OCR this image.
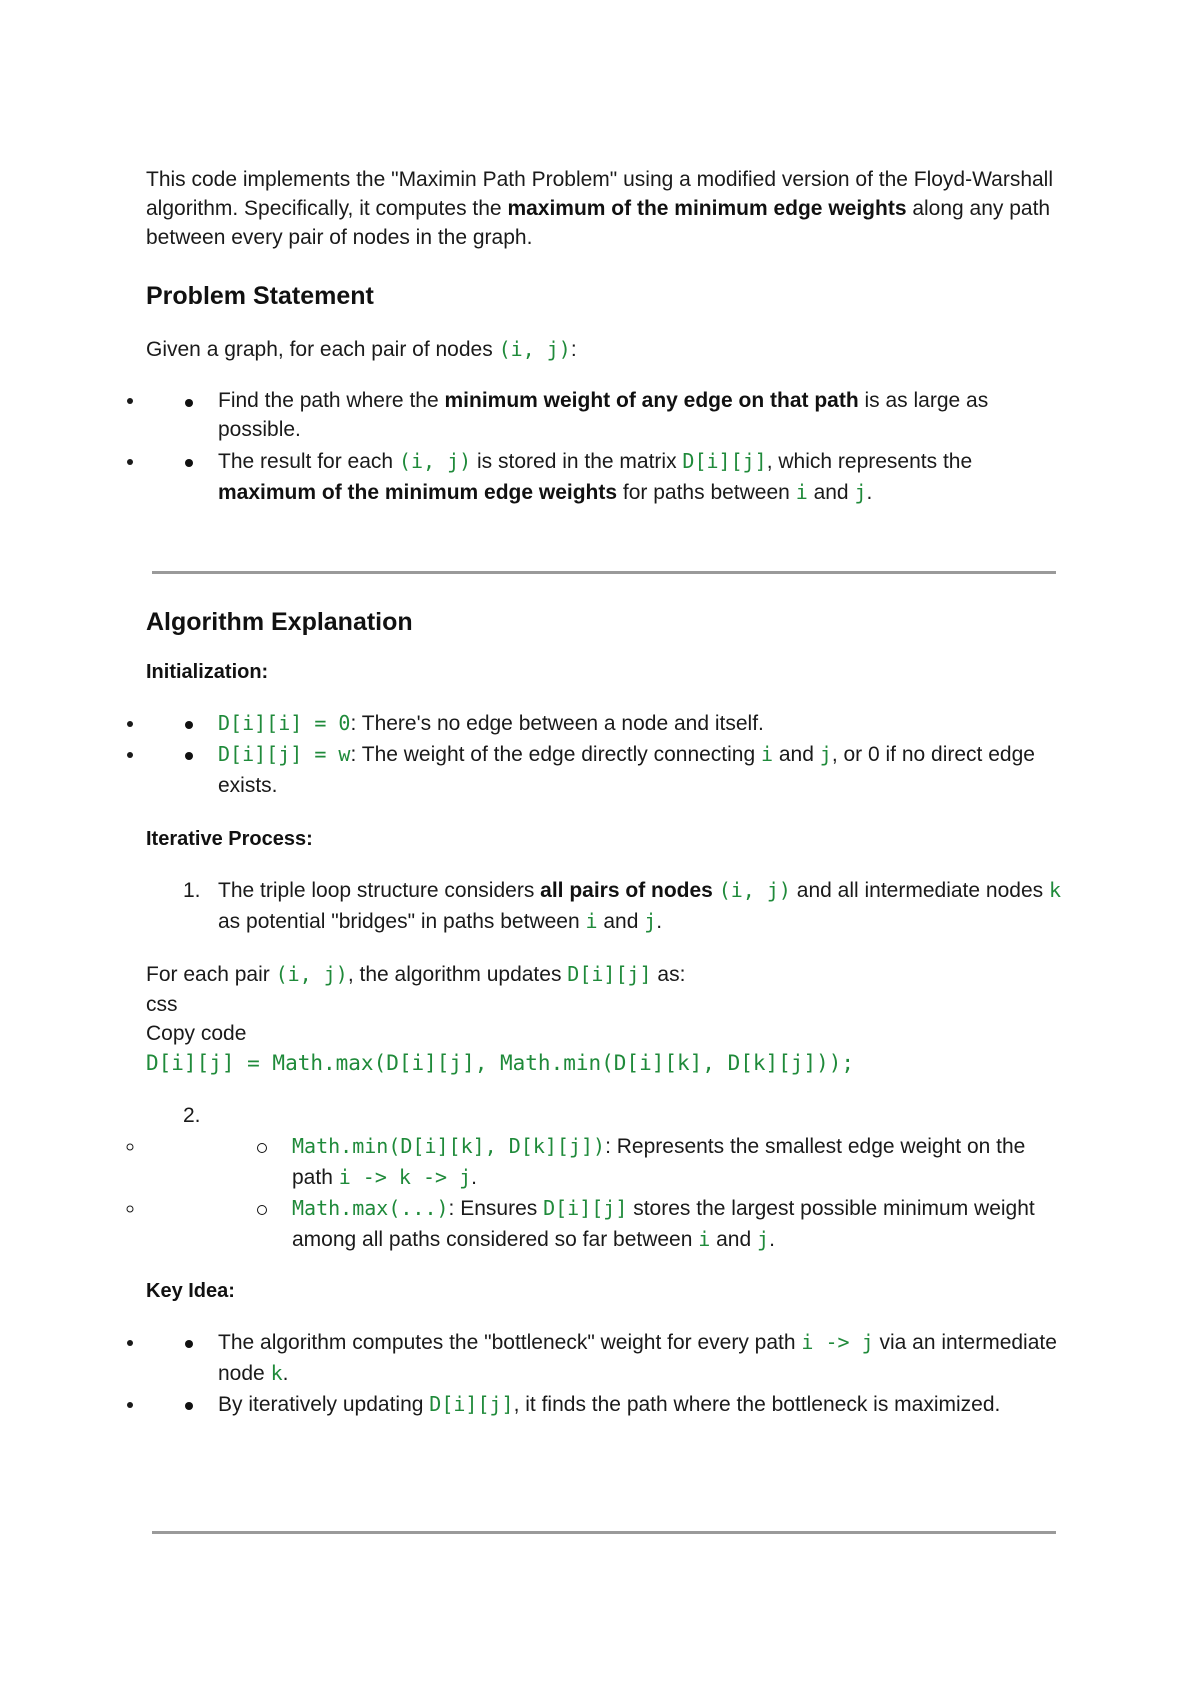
This code implements the "Maximin Path Problem" using a modified version of the Floyd-Warshall algorithm. Specifically, it computes the maximum of the minimum edge weights along any path between every pair of nodes in the graph.

Problem Statement

Given a graph, for each pair of nodes (i, j):

• Find the path where the minimum weight of any edge on that path is as large as possible.
• The result for each (i, j) is stored in the matrix D[i][j], which represents the maximum of the minimum edge weights for paths between i and j.
Algorithm Explanation
Initialization:
• D[i][i] = 0: There's no edge between a node and itself.
• D[i][j] = w: The weight of the edge directly connecting i and j, or 0 if no direct edge exists.
Iterative Process:
1. The triple loop structure considers all pairs of nodes (i, j) and all intermediate nodes k as potential "bridges" in paths between i and j.

For each pair (i, j), the algorithm updates D[i][j] as:

css

Copy code

D[i][j] = Math.max(D[i][j], Math.min(D[i][k], D[k][j]));

2.

◦ Math.min(D[i][k], D[k][j]): Represents the smallest edge weight on the path i -> k -> j.
◦ Math.max(...): Ensures D[i][j] stores the largest possible minimum weight among all paths considered so far between i and j.
Key Idea:
• The algorithm computes the "bottleneck" weight for every path i -> j via an intermediate node k.
• By iteratively updating D[i][j], it finds the path where the bottleneck is maximized.
